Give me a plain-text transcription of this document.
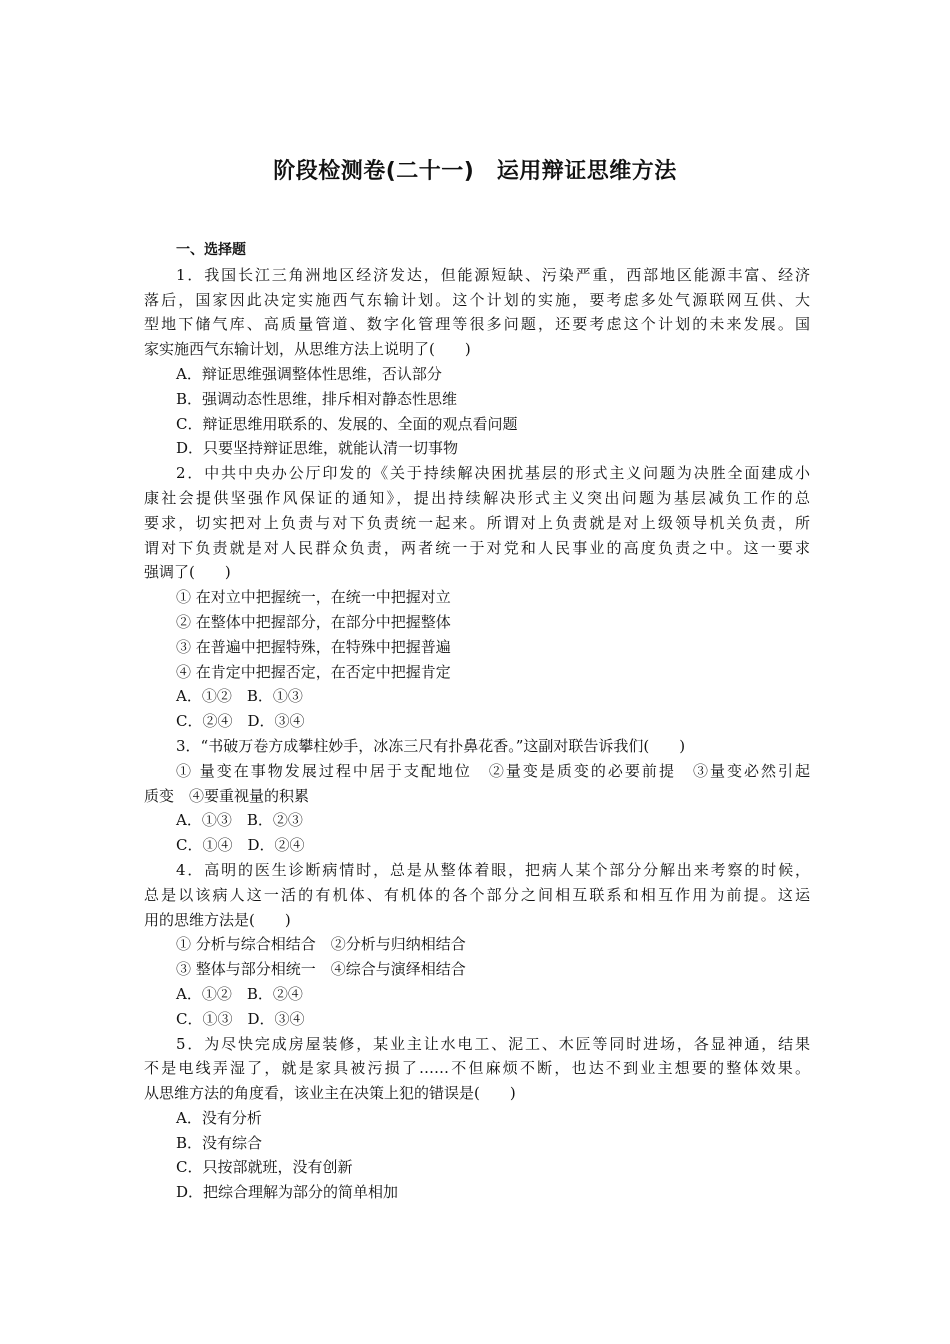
阶段检测卷(二十一)　运用辩证思维方法
一、选择题
1．我国长江三角洲地区经济发达，但能源短缺、污染严重，西部地区能源丰富、经济
落后，国家因此决定实施西气东输计划。这个计划的实施，要考虑多处气源联网互供、大
型地下储气库、高质量管道、数字化管理等很多问题，还要考虑这个计划的未来发展。国
家实施西气东输计划，从思维方法上说明了(　　)
A．辩证思维强调整体性思维，否认部分
B．强调动态性思维，排斥相对静态性思维
C．辩证思维用联系的、发展的、全面的观点看问题
D．只要坚持辩证思维，就能认清一切事物
2．中共中央办公厅印发的《关于持续解决困扰基层的形式主义问题为决胜全面建成小
康社会提供坚强作风保证的通知》，提出持续解决形式主义突出问题为基层减负工作的总
要求，切实把对上负责与对下负责统一起来。所谓对上负责就是对上级领导机关负责，所
谓对下负责就是对人民群众负责，两者统一于对党和人民事业的高度负责之中。这一要求
强调了(　　)
① 在对立中把握统一，在统一中把握对立
② 在整体中把握部分，在部分中把握整体
③ 在普遍中把握特殊，在特殊中把握普遍
④ 在肯定中把握否定，在否定中把握肯定
A．①②　B．①③
C．②④　D．③④
3．“书破万卷方成攀柱妙手，冰冻三尺有扑鼻花香。”这副对联告诉我们(　　)
① 量变在事物发展过程中居于支配地位　②量变是质变的必要前提　③量变必然引起
质变　④要重视量的积累
A．①③　B．②③
C．①④　D．②④
4．高明的医生诊断病情时，总是从整体着眼，把病人某个部分分解出来考察的时候，
总是以该病人这一活的有机体、有机体的各个部分之间相互联系和相互作用为前提。这运
用的思维方法是(　　)
① 分析与综合相结合　②分析与归纳相结合
③ 整体与部分相统一　④综合与演绎相结合
A．①②　B．②④
C．①③　D．③④
5．为尽快完成房屋装修，某业主让水电工、泥工、木匠等同时进场，各显神通，结果
不是电线弄湿了，就是家具被污损了……不但麻烦不断，也达不到业主想要的整体效果。
从思维方法的角度看，该业主在决策上犯的错误是(　　)
A．没有分析
B．没有综合
C．只按部就班，没有创新
D．把综合理解为部分的简单相加
